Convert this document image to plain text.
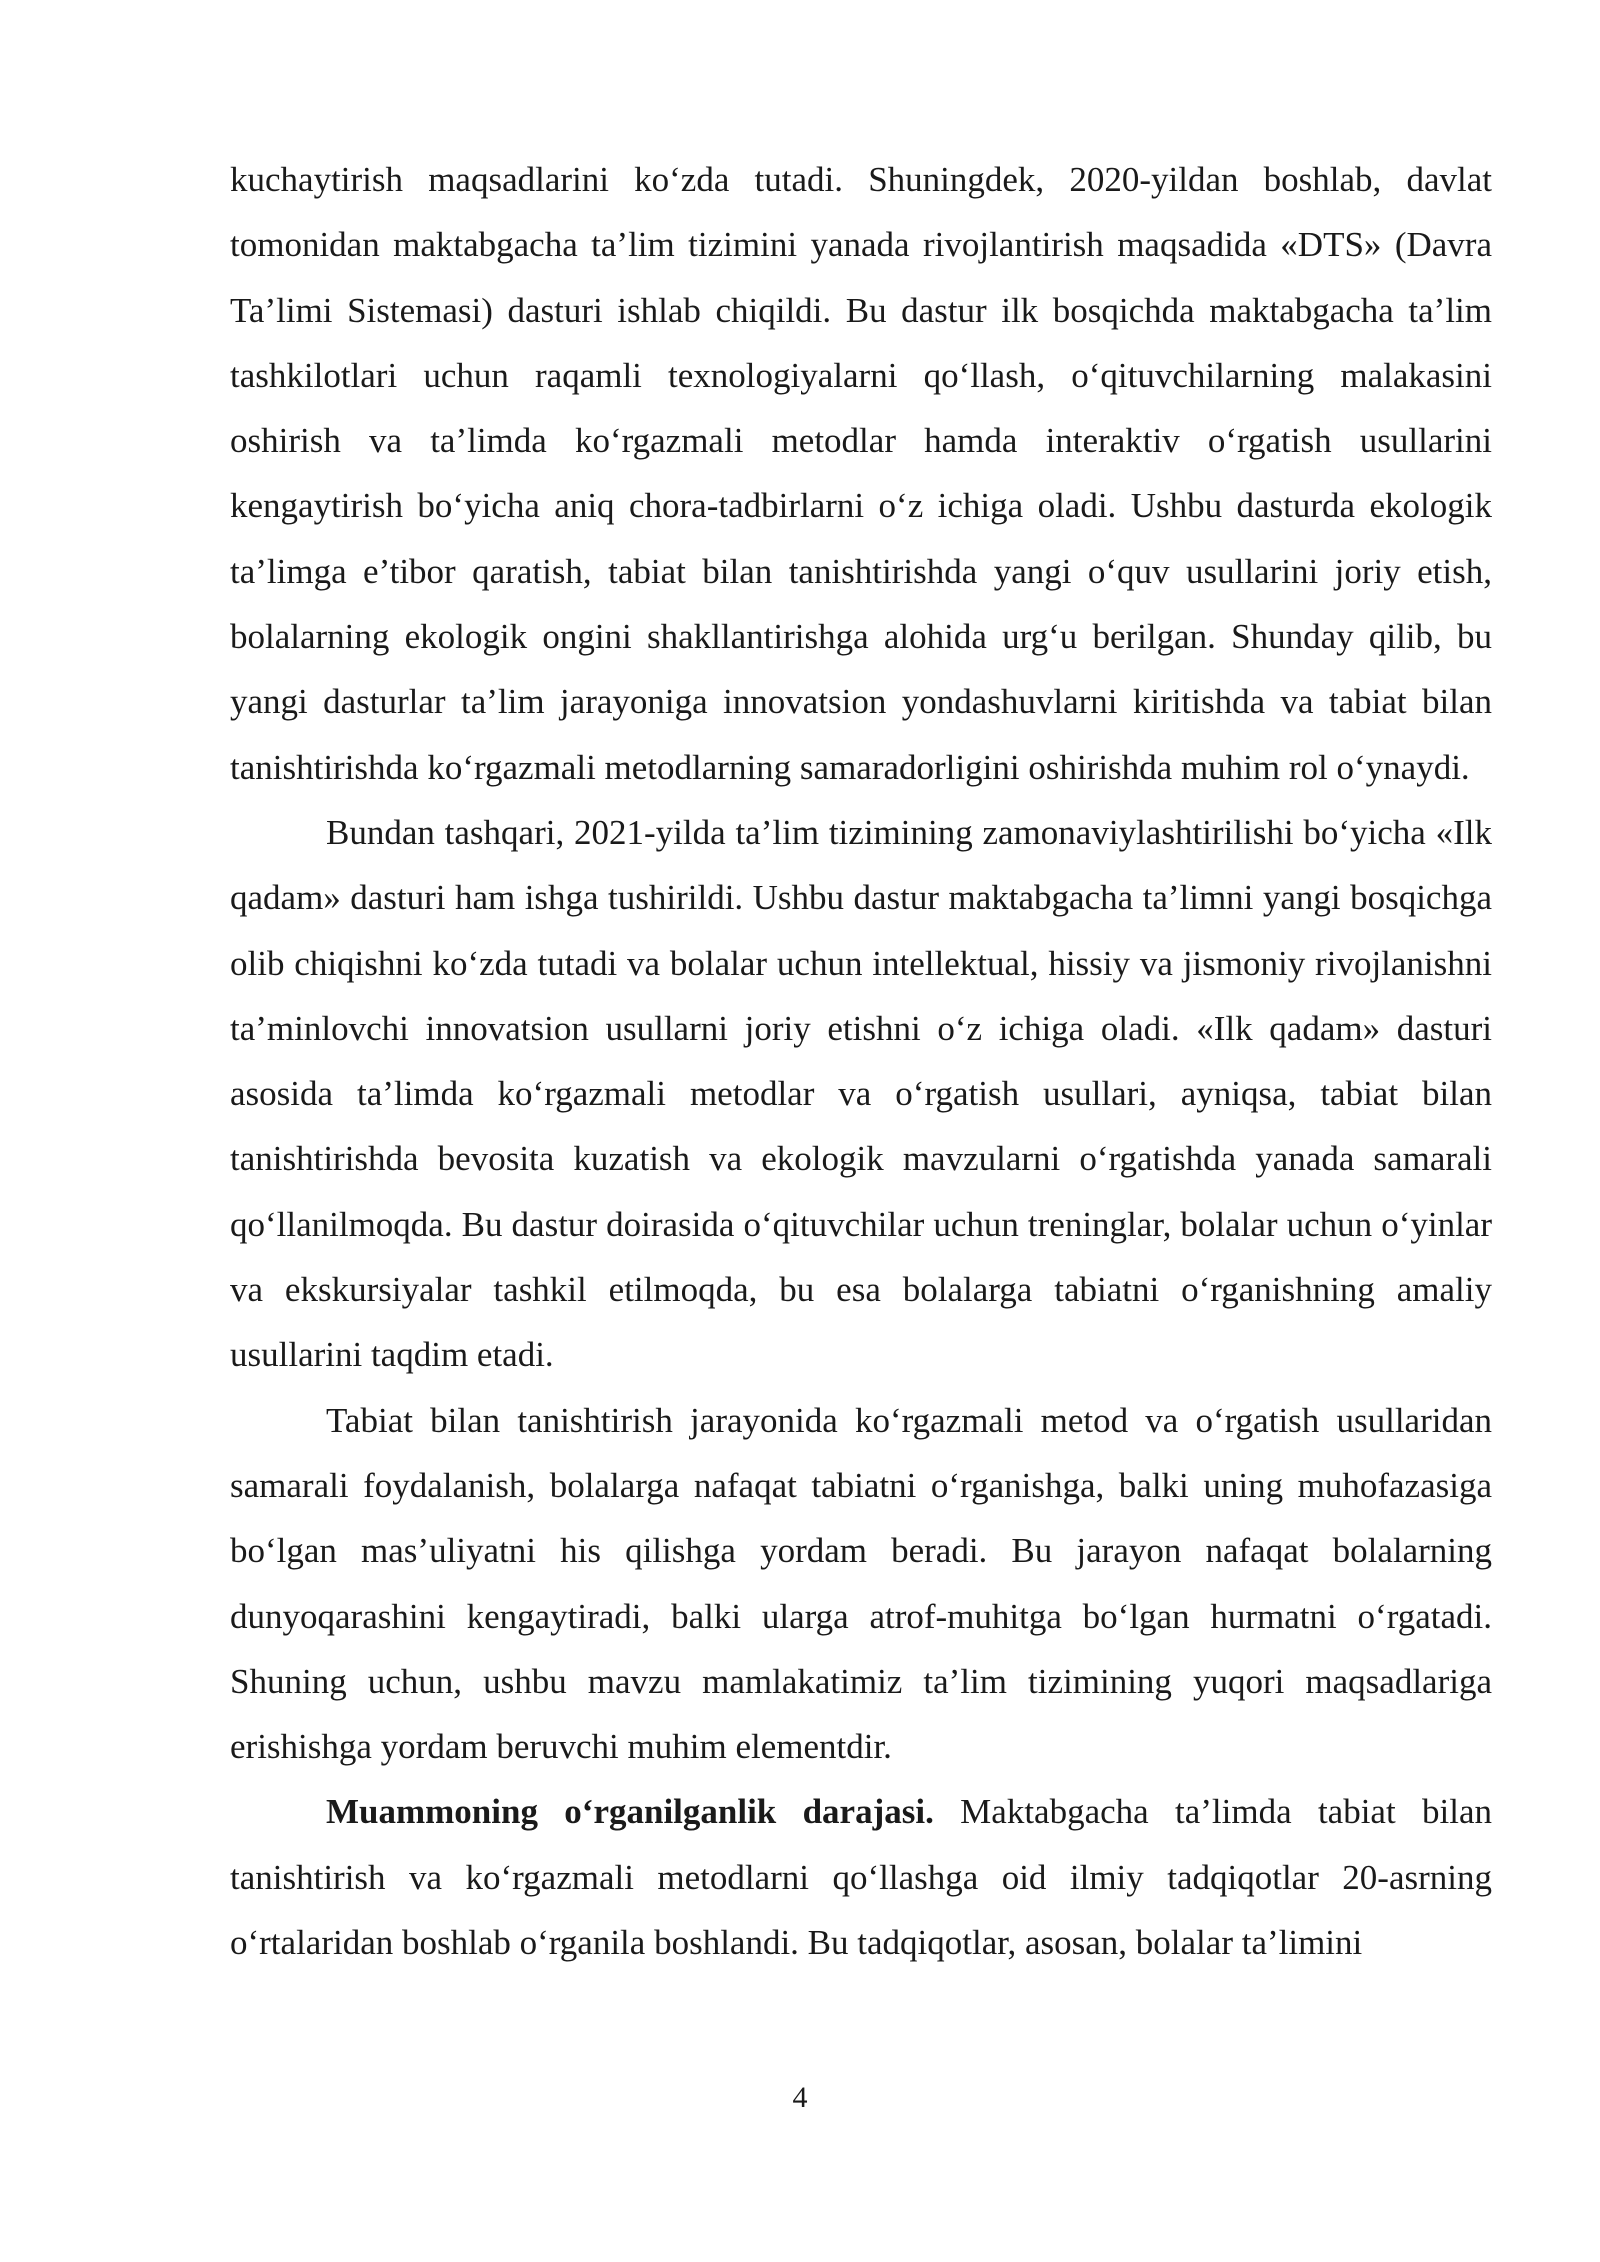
kuchaytirish maqsadlarini ko‘zda tutadi. Shuningdek, 2020-yildan boshlab, davlat tomonidan maktabgacha ta’lim tizimini yanada rivojlantirish maqsadida «DTS» (Davra Ta’limi Sistemasi) dasturi ishlab chiqildi. Bu dastur ilk bosqichda maktabgacha ta’lim tashkilotlari uchun raqamli texnologiyalarni qo‘llash, o‘qituvchilarning malakasini oshirish va ta’limda ko‘rgazmali metodlar hamda interaktiv o‘rgatish usullarini kengaytirish bo‘yicha aniq chora-tadbirlarni o‘z ichiga oladi. Ushbu dasturda ekologik ta’limga e’tibor qaratish, tabiat bilan tanishtirishda yangi o‘quv usullarini joriy etish, bolalarning ekologik ongini shakllantirishga alohida urg‘u berilgan. Shunday qilib, bu yangi dasturlar ta’lim jarayoniga innovatsion yondashuvlarni kiritishda va tabiat bilan tanishtirishda ko‘rgazmali metodlarning samaradorligini oshirishda muhim rol o‘ynaydi.

Bundan tashqari, 2021-yilda ta’lim tizimining zamonaviylashtirilishi bo‘yicha «Ilk qadam» dasturi ham ishga tushirildi. Ushbu dastur maktabgacha ta’limni yangi bosqichga olib chiqishni ko‘zda tutadi va bolalar uchun intellektual, hissiy va jismoniy rivojlanishni ta’minlovchi innovatsion usullarni joriy etishni o‘z ichiga oladi. «Ilk qadam» dasturi asosida ta’limda ko‘rgazmali metodlar va o‘rgatish usullari, ayniqsa, tabiat bilan tanishtirishda bevosita kuzatish va ekologik mavzularni o‘rgatishda yanada samarali qo‘llanilmoqda. Bu dastur doirasida o‘qituvchilar uchun treninglar, bolalar uchun o‘yinlar va ekskursiyalar tashkil etilmoqda, bu esa bolalarga tabiatni o‘rganishning amaliy usullarini taqdim etadi.

Tabiat bilan tanishtirish jarayonida ko‘rgazmali metod va o‘rgatish usullaridan samarali foydalanish, bolalarga nafaqat tabiatni o‘rganishga, balki uning muhofazasiga bo‘lgan mas’uliyatni his qilishga yordam beradi. Bu jarayon nafaqat bolalarning dunyoqarashini kengaytiradi, balki ularga atrof-muhitga bo‘lgan hurmatni o‘rgatadi. Shuning uchun, ushbu mavzu mamlakatimiz ta’lim tizimining yuqori maqsadlariga erishishga yordam beruvchi muhim elementdir.

Muammoning o‘rganilganlik darajasi. Maktabgacha ta’limda tabiat bilan tanishtirish va ko‘rgazmali metodlarni qo‘llashga oid ilmiy tadqiqotlar 20-asrning o‘rtalaridan boshlab o‘rganila boshlandi. Bu tadqiqotlar, asosan, bolalar ta’limini

4
